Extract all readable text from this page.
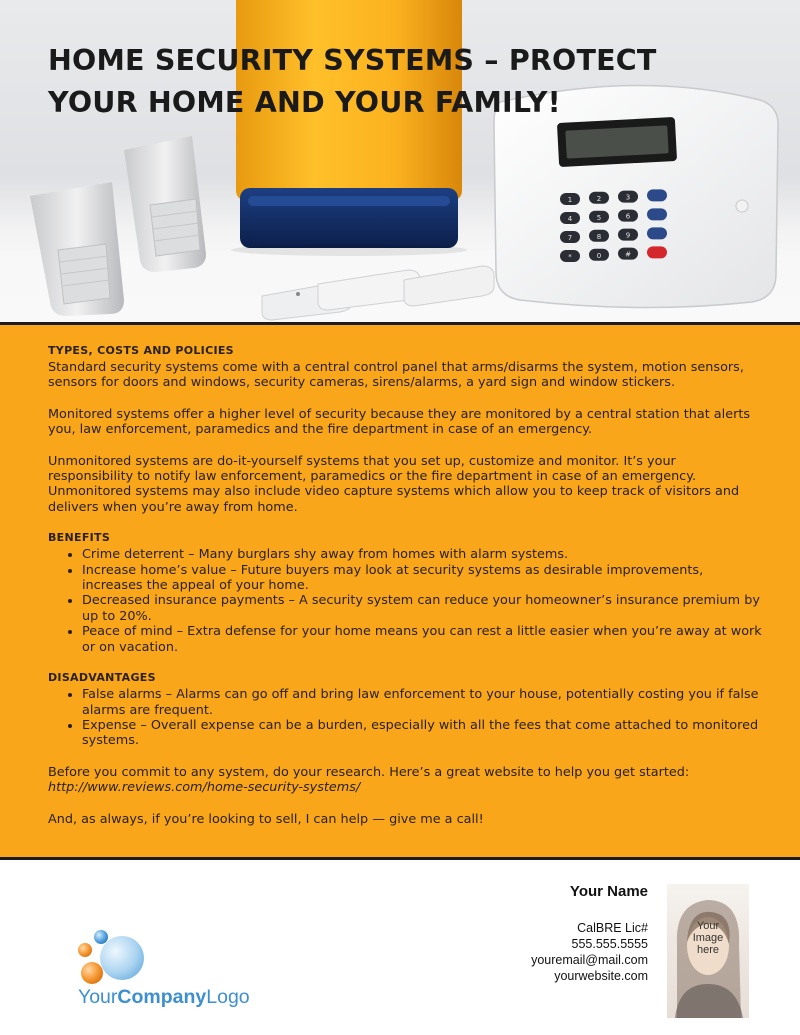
1	2	3
4	5	6
7	8	9
*	0	#
HOME SECURITY SYSTEMS – PROTECT YOUR HOME AND YOUR FAMILY!
TYPES, COSTS AND POLICIES

Standard security systems come with a central control panel that arms/disarms the system, motion sensors, sensors for doors and windows, security cameras, sirens/alarms, a yard sign and window stickers.

Monitored systems offer a higher level of security because they are monitored by a central station that alerts you, law enforcement, paramedics and the fire department in case of an emergency.

Unmonitored systems are do-it-yourself systems that you set up, customize and monitor. It’s your responsibility to notify law enforcement, paramedics or the fire department in case of an emergency. Unmonitored systems may also include video capture systems which allow you to keep track of visitors and delivers when you’re away from home.

BENEFITS
• Crime deterrent – Many burglars shy away from homes with alarm systems.
• Increase home’s value – Future buyers may look at security systems as desirable improvements, increases the appeal of your home.
• Decreased insurance payments – A security system can reduce your homeowner’s insurance premium by up to 20%.
• Peace of mind – Extra defense for your home means you can rest a little easier when you’re away at work or on vacation.
DISADVANTAGES
• False alarms – Alarms can go off and bring law enforcement to your house, potentially costing you if false alarms are frequent.
• Expense – Overall expense can be a burden, especially with all the fees that come attached to monitored systems.

Before you commit to any system, do your research. Here’s a great website to help you get started:  http://www.reviews.com/home-security-systems/

And, as always, if you’re looking to sell, I can help — give me a call!

YourCompanyLogo
Your Name
CalBRE Lic#
555.555.5555
youremail@mail.com
yourwebsite.com
Your
Image
here
